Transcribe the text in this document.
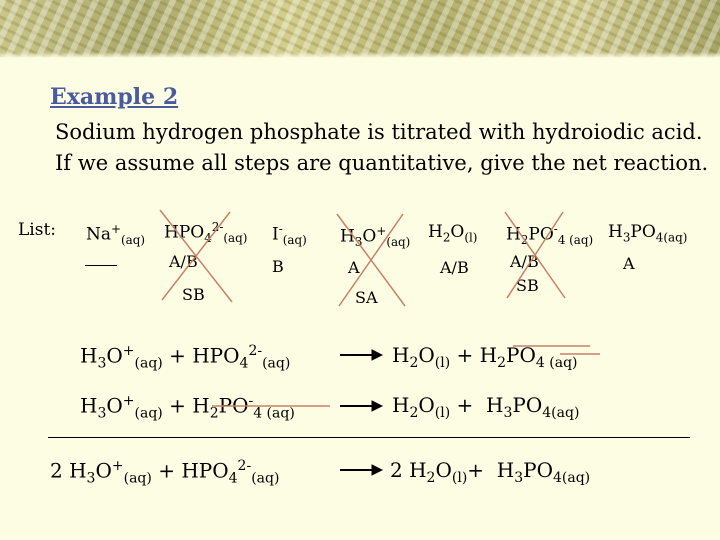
Example 2
Sodium hydrogen phosphate is titrated with hydroiodic acid. If we assume all steps are quantitative, give the net reaction.
List: $Na^+_{(aq)}$ $HPO_4^{2-}_{(aq)}$
A/B
SB
$I^-_{(aq)}$
B
$H_3O^+_{(aq)}$
A
SA
$H_2O_{(l)}$
A/B
$H_2PO^-_{4 (aq)}$
A/B
SB
$H_3PO_{4(aq)}$
A
$H_3O^+_{(aq)} + HPO_4^{2-}_{(aq)}$	$H_2O_{(l)} + H_2PO_{4 (aq)}$
$H_3O^+_{(aq)} + H_2PO^-_{4 (aq)}$	$H_2O_{(l)} + H_3PO_{4(aq)}$
2 $H_3O^+_{(aq)} + HPO_4^{2-}_{(aq)}$	2 $H_2O_{(l)}+ H_3PO_{4(aq)}$
